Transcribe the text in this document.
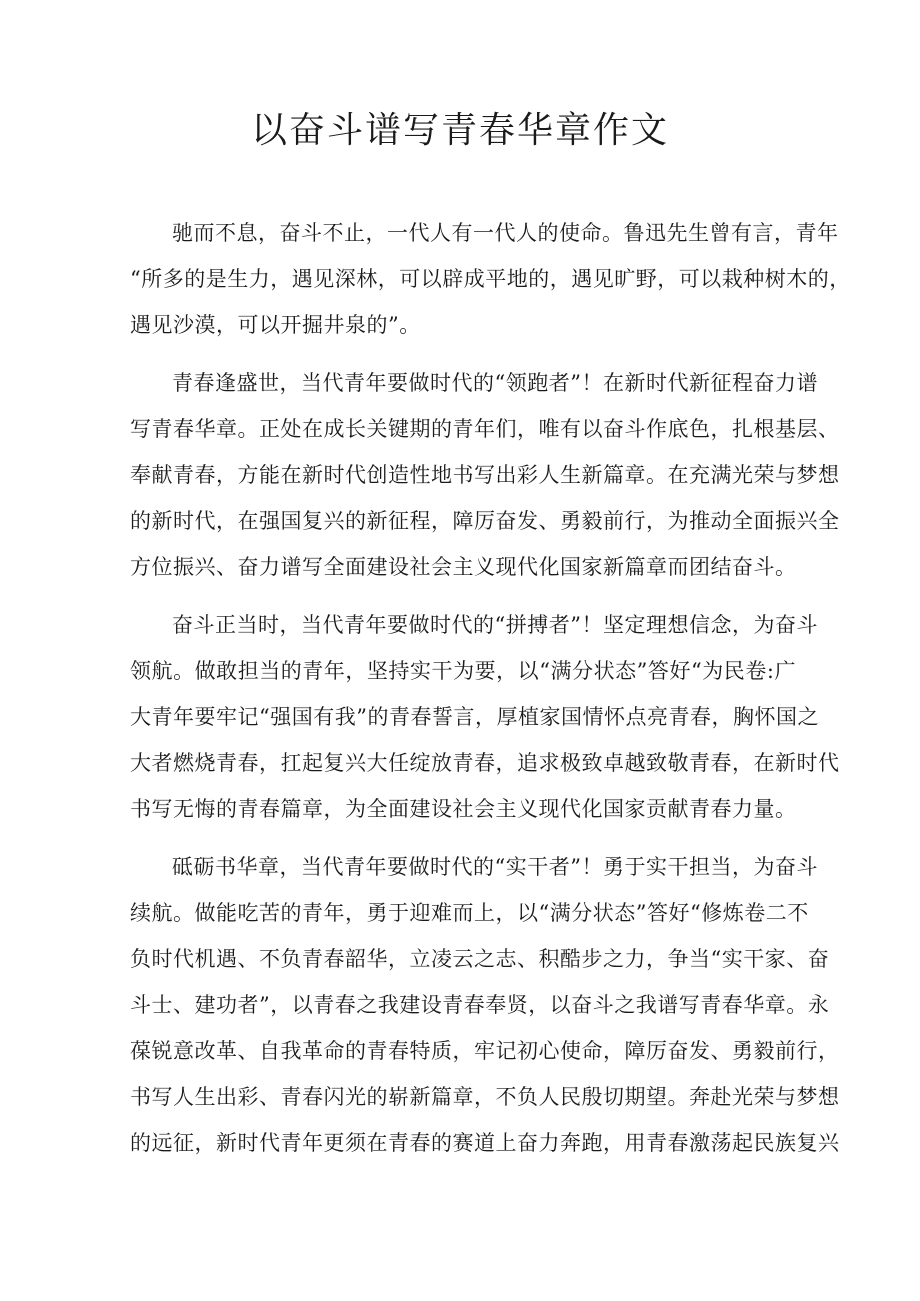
以奋斗谱写青春华章作文
驰而不息，奋斗不止，一代人有一代人的使命。鲁迅先生曾有言，青年
“所多的是生力，遇见深林，可以辟成平地的，遇见旷野，可以栽种树木的，
遇见沙漠，可以开掘井泉的”。
青春逢盛世，当代青年要做时代的“领跑者”！在新时代新征程奋力谱
写青春华章。正处在成长关键期的青年们，唯有以奋斗作底色，扎根基层、
奉献青春，方能在新时代创造性地书写出彩人生新篇章。在充满光荣与梦想
的新时代，在强国复兴的新征程，障厉奋发、勇毅前行，为推动全面振兴全
方位振兴、奋力谱写全面建设社会主义现代化国家新篇章而团结奋斗。
奋斗正当时，当代青年要做时代的“拼搏者”！坚定理想信念，为奋斗
领航。做敢担当的青年，坚持实干为要，以“满分状态”答好“为民卷:广
大青年要牢记“强国有我”的青春誓言，厚植家国情怀点亮青春，胸怀国之
大者燃烧青春，扛起复兴大任绽放青春，追求极致卓越致敬青春，在新时代
书写无悔的青春篇章，为全面建设社会主义现代化国家贡献青春力量。
砥砺书华章，当代青年要做时代的“实干者”！勇于实干担当，为奋斗
续航。做能吃苦的青年，勇于迎难而上，以“满分状态”答好“修炼卷二不
负时代机遇、不负青春韶华，立凌云之志、积酷步之力，争当“实干家、奋
斗士、建功者”，以青春之我建设青春奉贤，以奋斗之我谱写青春华章。永
葆锐意改革、自我革命的青春特质，牢记初心使命，障厉奋发、勇毅前行，
书写人生出彩、青春闪光的崭新篇章，不负人民殷切期望。奔赴光荣与梦想
的远征，新时代青年更须在青春的赛道上奋力奔跑，用青春激荡起民族复兴
